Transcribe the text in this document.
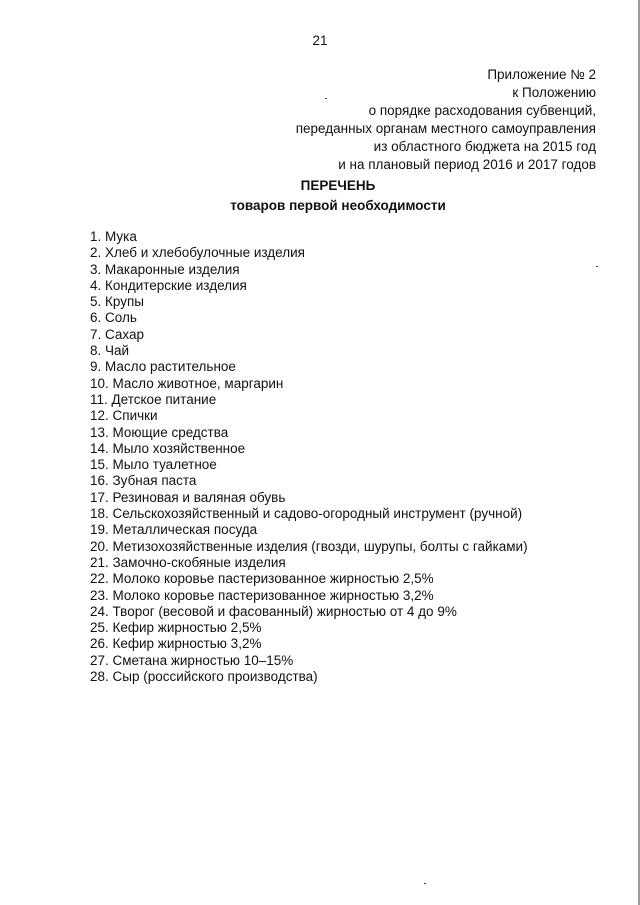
21
Приложение № 2
к Положению
о порядке расходования субвенций,
переданных органам местного самоуправления
из областного бюджета на 2015 год
и на плановый период 2016 и 2017 годов
ПЕРЕЧЕНЬ
товаров первой необходимости
1. Мука
2. Хлеб и хлебобулочные изделия
3. Макаронные изделия
4. Кондитерские изделия
5. Крупы
6. Соль
7. Сахар
8. Чай
9. Масло растительное
10. Масло животное, маргарин
11. Детское питание
12. Спички
13. Моющие средства
14. Мыло хозяйственное
15. Мыло туалетное
16. Зубная паста
17. Резиновая и валяная обувь
18. Сельскохозяйственный и садово-огородный инструмент (ручной)
19. Металлическая посуда
20. Метизохозяйственные изделия (гвозди, шурупы, болты с гайками)
21. Замочно-скобяные изделия
22. Молоко коровье пастеризованное жирностью 2,5%
23. Молоко коровье пастеризованное жирностью 3,2%
24. Творог (весовой и фасованный) жирностью от 4 до 9%
25. Кефир жирностью 2,5%
26. Кефир жирностью 3,2%
27. Сметана жирностью 10–15%
28. Сыр (российского производства)
